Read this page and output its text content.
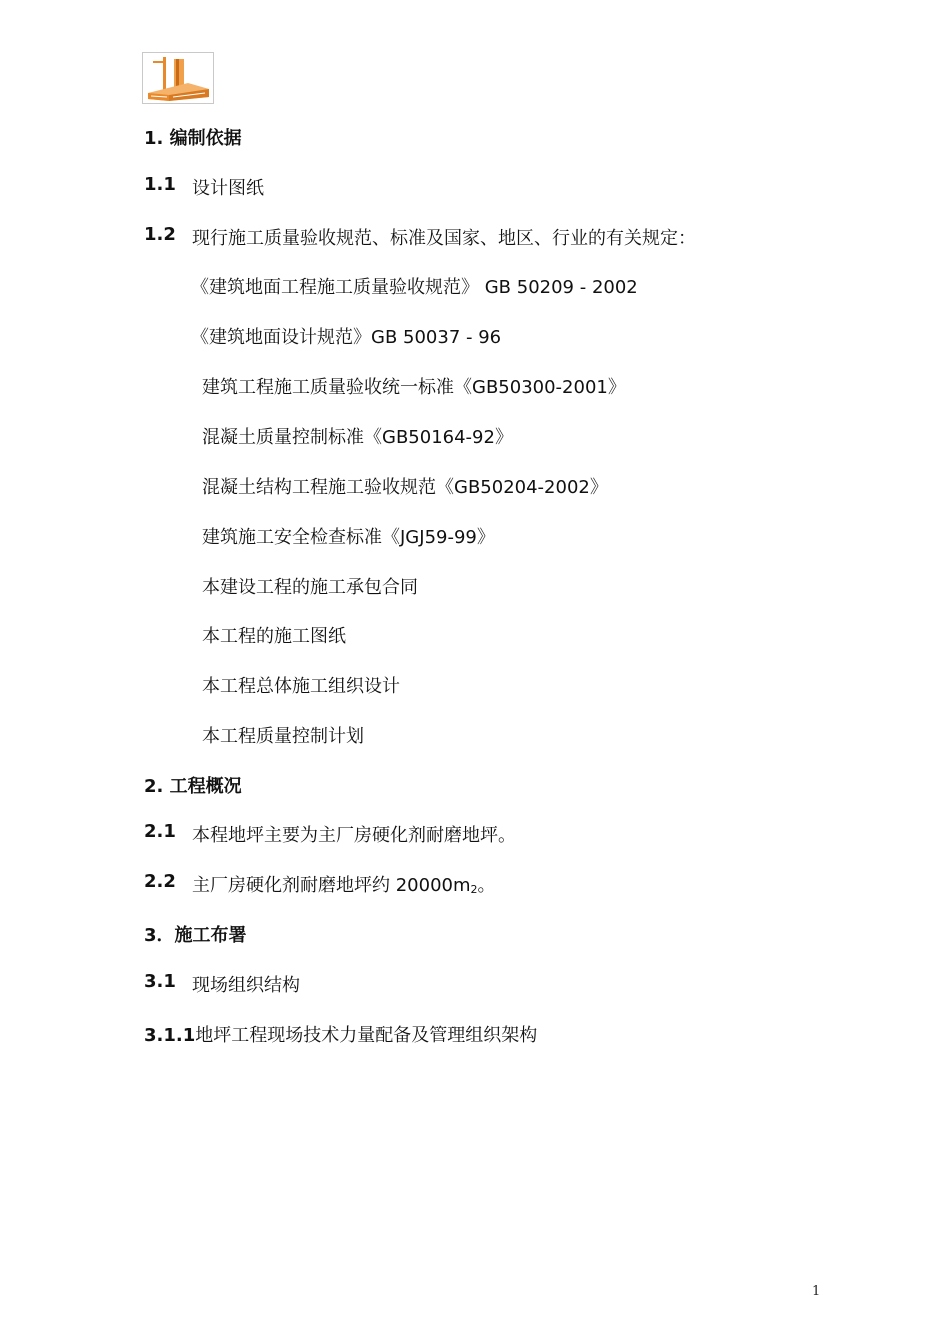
1. 编制依据
1.1 设计图纸
1.2 现行施工质量验收规范、标准及国家、地区、行业的有关规定：
《建筑地面工程施工质量验收规范》 GB 50209 - 2002
《建筑地面设计规范》GB 50037 - 96
建筑工程施工质量验收统一标准《GB50300-2001》
混凝土质量控制标准《GB50164-92》
混凝土结构工程施工验收规范《GB50204-2002》
建筑施工安全检查标准《JGJ59-99》
本建设工程的施工承包合同
本工程的施工图纸
本工程总体施工组织设计
本工程质量控制计划
2. 工程概况
2.1 本程地坪主要为主厂房硬化剂耐磨地坪。
2.2 主厂房硬化剂耐磨地坪约 $20000m_2$。
3．施工布署
3.1 现场组织结构
3.1.1地坪工程现场技术力量配备及管理组织架构
1
